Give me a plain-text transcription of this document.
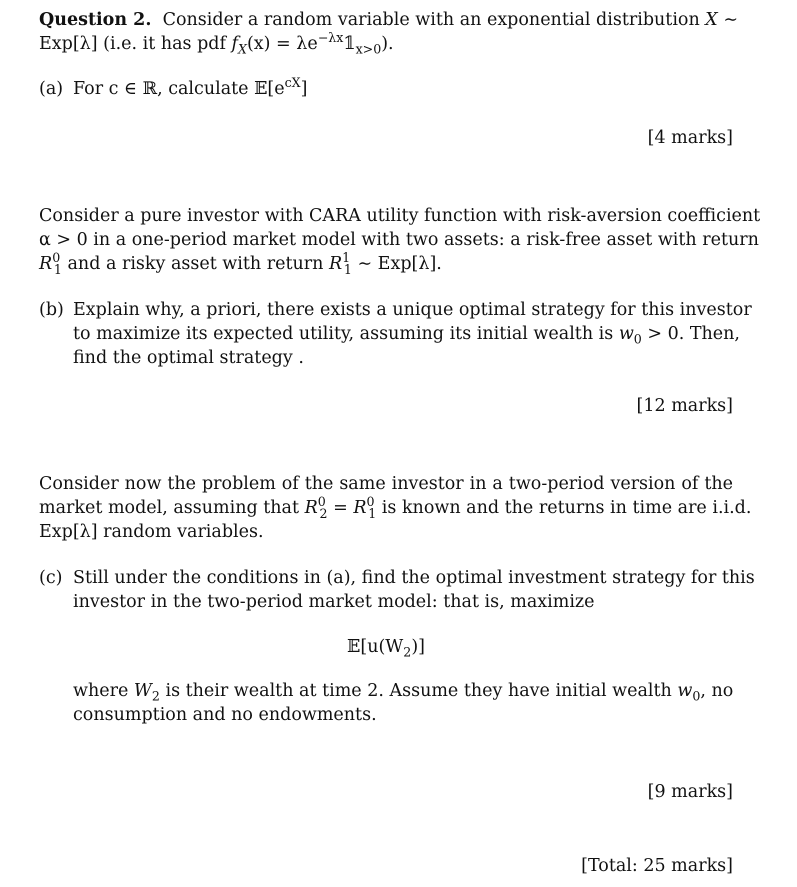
Question 2. Consider a random variable with an exponential distribution X ∼
Exp[λ] (i.e. it has pdf $f_X(x)$ = $\lambda e^{-\lambda x}𝟙_{x>0}$).
(a) For c ∈ ℝ, calculate $𝔼[e^{cX}]$
[4 marks]
Consider a pure investor with CARA utility function with risk-aversion coefficient
α > 0 in a one-period market model with two assets: a risk-free asset with return
$R^0_1$ and a risky asset with return $R^1_1$ ∼ Exp[λ].
(b) Explain why, a priori, there exists a unique optimal strategy for this investor
to maximize its expected utility, assuming its initial wealth is $w_0 > 0$. Then,
find the optimal strategy .
[12 marks]
Consider now the problem of the same investor in a two-period version of the
market model, assuming that $R^0_2 = R^0_1$ is known and the returns in time are i.i.d.
Exp[λ] random variables.
(c) Still under the conditions in (a), find the optimal investment strategy for this
investor in the two-period market model: that is, maximize
$𝔼[u(W_2)]$
where $W_2$ is their wealth at time 2. Assume they have initial wealth $w_0$, no
consumption and no endowments.
[9 marks]
[Total: 25 marks]
